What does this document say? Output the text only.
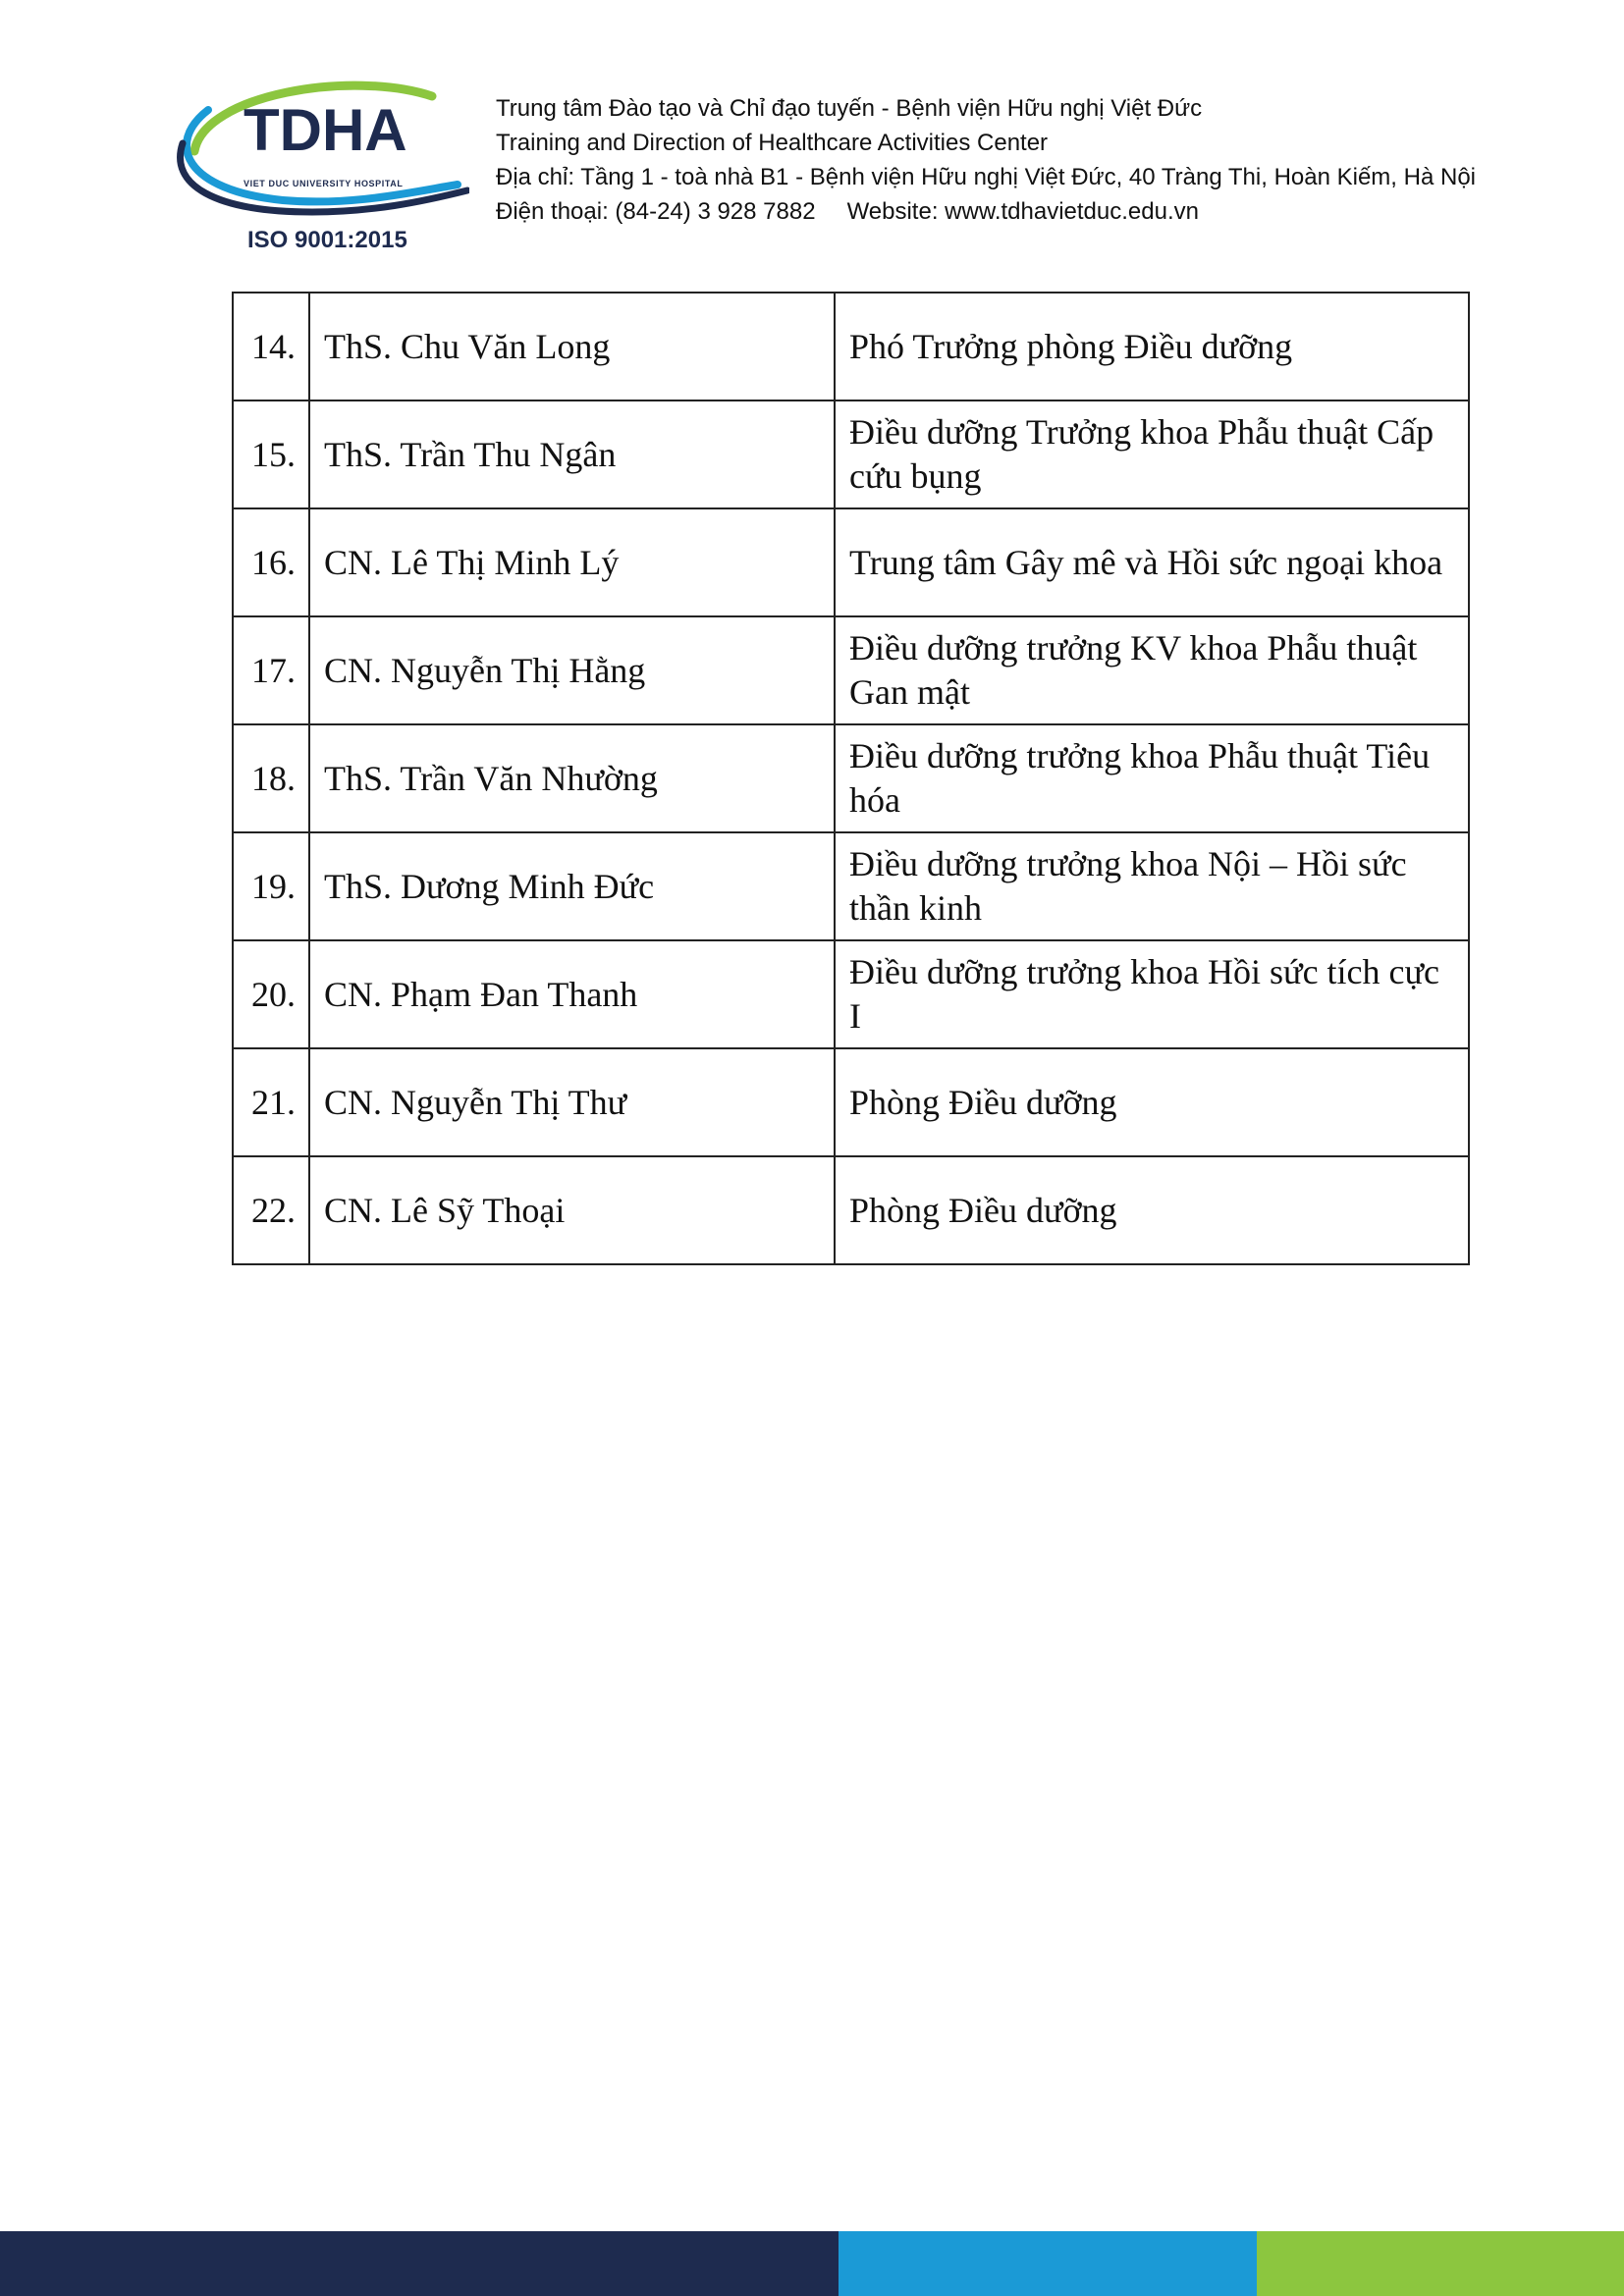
TDHA
VIET DUC UNIVERSITY HOSPITAL
ISO 9001:2015
Trung tâm Đào tạo và Chỉ đạo tuyến - Bệnh viện Hữu nghị Việt Đức
Training and Direction of Healthcare Activities Center
Địa chỉ: Tầng 1 - toà nhà B1 - Bệnh viện Hữu nghị Việt Đức, 40 Tràng Thi, Hoàn Kiếm, Hà Nội
Điện thoại: (84-24) 3 928 7882 Website: www.tdhavietduc.edu.vn
14.	ThS. Chu Văn Long	Phó Trưởng phòng Điều dưỡng
15.	ThS. Trần Thu Ngân	Điều dưỡng Trưởng khoa Phẫu thuật Cấp cứu bụng
16.	CN. Lê Thị Minh Lý	Trung tâm Gây mê và Hồi sức ngoại khoa
17.	CN. Nguyễn Thị Hằng	Điều dưỡng trưởng KV khoa Phẫu thuật Gan mật
18.	ThS. Trần Văn Nhường	Điều dưỡng trưởng khoa Phẫu thuật Tiêu hóa
19.	ThS. Dương Minh Đức	Điều dưỡng trưởng khoa Nội – Hồi sức thần kinh
20.	CN. Phạm Đan Thanh	Điều dưỡng trưởng khoa Hồi sức tích cực I
21.	CN. Nguyễn Thị Thư	Phòng Điều dưỡng
22.	CN. Lê Sỹ Thoại	Phòng Điều dưỡng
